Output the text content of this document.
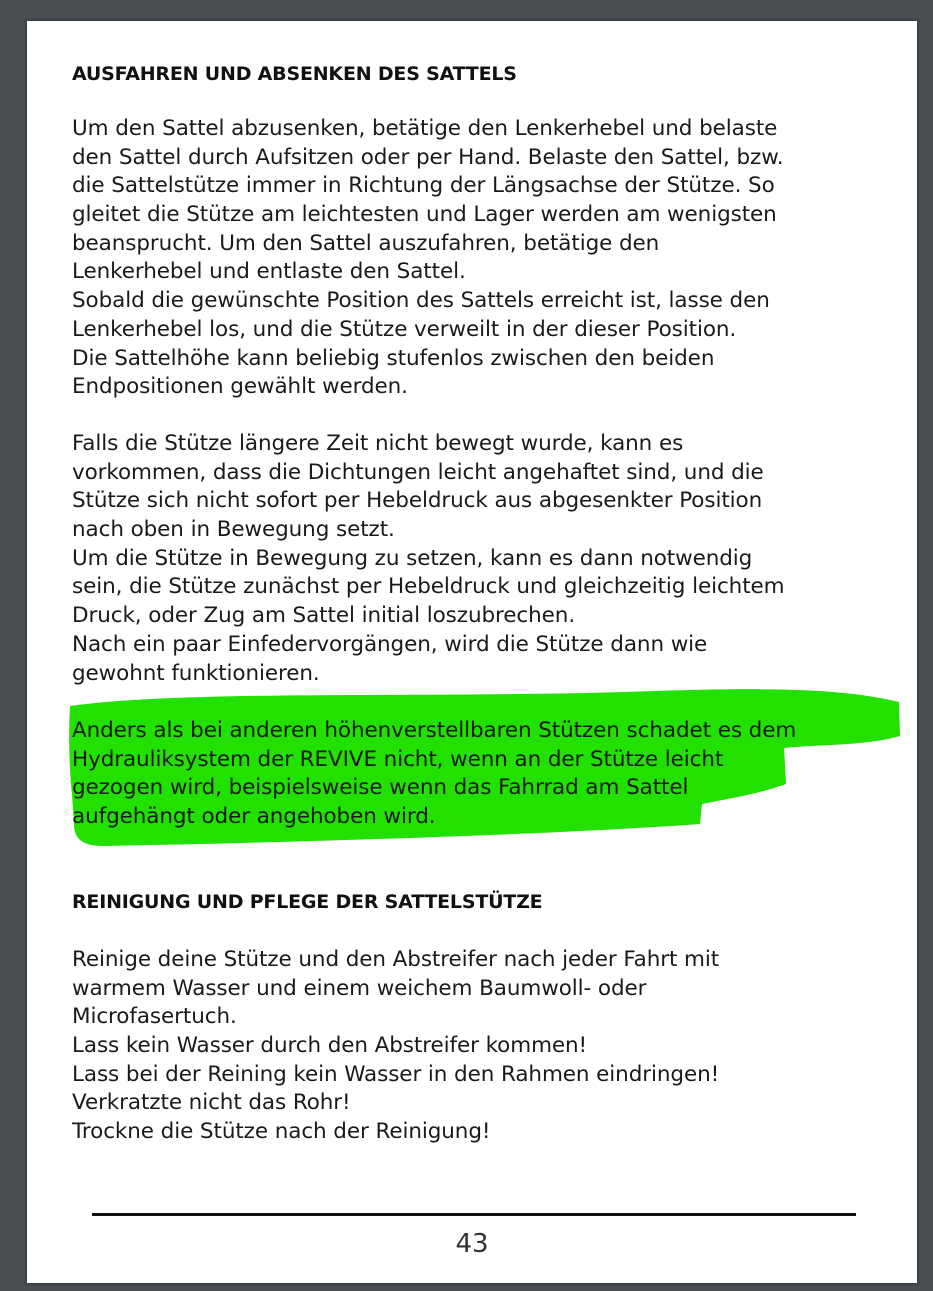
AUSFAHREN UND ABSENKEN DES SATTELS
Um den Sattel abzusenken, betätige den Lenkerhebel und belaste
den Sattel durch Aufsitzen oder per Hand. Belaste den Sattel, bzw.
die Sattelstütze immer in Richtung der Längsachse der Stütze. So
gleitet die Stütze am leichtesten und Lager werden am wenigsten
beansprucht. Um den Sattel auszufahren, betätige den
Lenkerhebel und entlaste den Sattel.
Sobald die gewünschte Position des Sattels erreicht ist, lasse den
Lenkerhebel los, und die Stütze verweilt in der dieser Position.
Die Sattelhöhe kann beliebig stufenlos zwischen den beiden
Endpositionen gewählt werden.
Falls die Stütze längere Zeit nicht bewegt wurde, kann es
vorkommen, dass die Dichtungen leicht angehaftet sind, und die
Stütze sich nicht sofort per Hebeldruck aus abgesenkter Position
nach oben in Bewegung setzt.
Um die Stütze in Bewegung zu setzen, kann es dann notwendig
sein, die Stütze zunächst per Hebeldruck und gleichzeitig leichtem
Druck, oder Zug am Sattel initial loszubrechen.
Nach ein paar Einfedervorgängen, wird die Stütze dann wie
gewohnt funktionieren.
Anders als bei anderen höhenverstellbaren Stützen schadet es dem
Hydrauliksystem der REVIVE nicht, wenn an der Stütze leicht
gezogen wird, beispielsweise wenn das Fahrrad am Sattel
aufgehängt oder angehoben wird.
REINIGUNG UND PFLEGE DER SATTELSTÜTZE
Reinige deine Stütze und den Abstreifer nach jeder Fahrt mit
warmem Wasser und einem weichem Baumwoll- oder
Microfasertuch.
Lass kein Wasser durch den Abstreifer kommen!
Lass bei der Reining kein Wasser in den Rahmen eindringen!
Verkratzte nicht das Rohr!
Trockne die Stütze nach der Reinigung!
43
